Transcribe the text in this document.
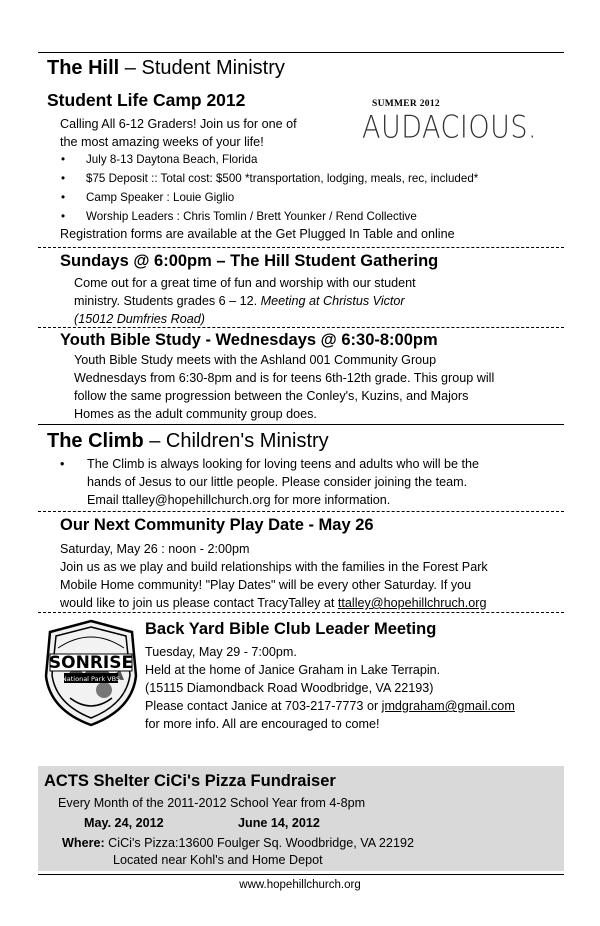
The Hill – Student Ministry
Student Life Camp 2012	SUMMER 2012
AUDACIOUS.
Calling All 6-12 Graders! Join us for one of
the most amazing weeks of your life!
• July 8-13 Daytona Beach, Florida
• $75 Deposit :: Total cost: $500 *transportation, lodging, meals, rec, included*
• Camp Speaker : Louie Giglio
• Worship Leaders : Chris Tomlin / Brett Younker / Rend Collective
Registration forms are available at the Get Plugged In Table and online
Sundays @ 6:00pm – The Hill Student Gathering
Come out for a great time of fun and worship with our student
ministry. Students grades 6 – 12. Meeting at Christus Victor
(15012 Dumfries Road)
Youth Bible Study - Wednesdays @ 6:30-8:00pm
Youth Bible Study meets with the Ashland 001 Community Group
Wednesdays from 6:30-8pm and is for teens 6th-12th grade. This group will
follow the same progression between the Conley's, Kuzins, and Majors
Homes as the adult community group does.
The Climb – Children's Ministry
• The Climb is always looking for loving teens and adults who will be the
hands of Jesus to our little people. Please consider joining the team.
Email ttalley@hopehillchurch.org for more information.
Our Next Community Play Date - May 26
Saturday, May 26 : noon - 2:00pm
Join us as we play and build relationships with the families in the Forest Park
Mobile Home community! "Play Dates" will be every other Saturday. If you
would like to join us please contact TracyTalley at ttalley@hopehillchruch.org
SONRISE
National Park VBS
Back Yard Bible Club Leader Meeting
Tuesday, May 29 - 7:00pm.
Held at the home of Janice Graham in Lake Terrapin.
(15115 Diamondback Road Woodbridge, VA 22193)
Please contact Janice at 703-217-7773 or jmdgraham@gmail.com
for more info. All are encouraged to come!
ACTS Shelter CiCi's Pizza Fundraiser
Every Month of the 2011-2012 School Year from 4-8pm
May. 24, 2012	June 14, 2012
Where: CiCi's Pizza:13600 Foulger Sq. Woodbridge, VA 22192
Located near Kohl's and Home Depot
www.hopehillchurch.org
